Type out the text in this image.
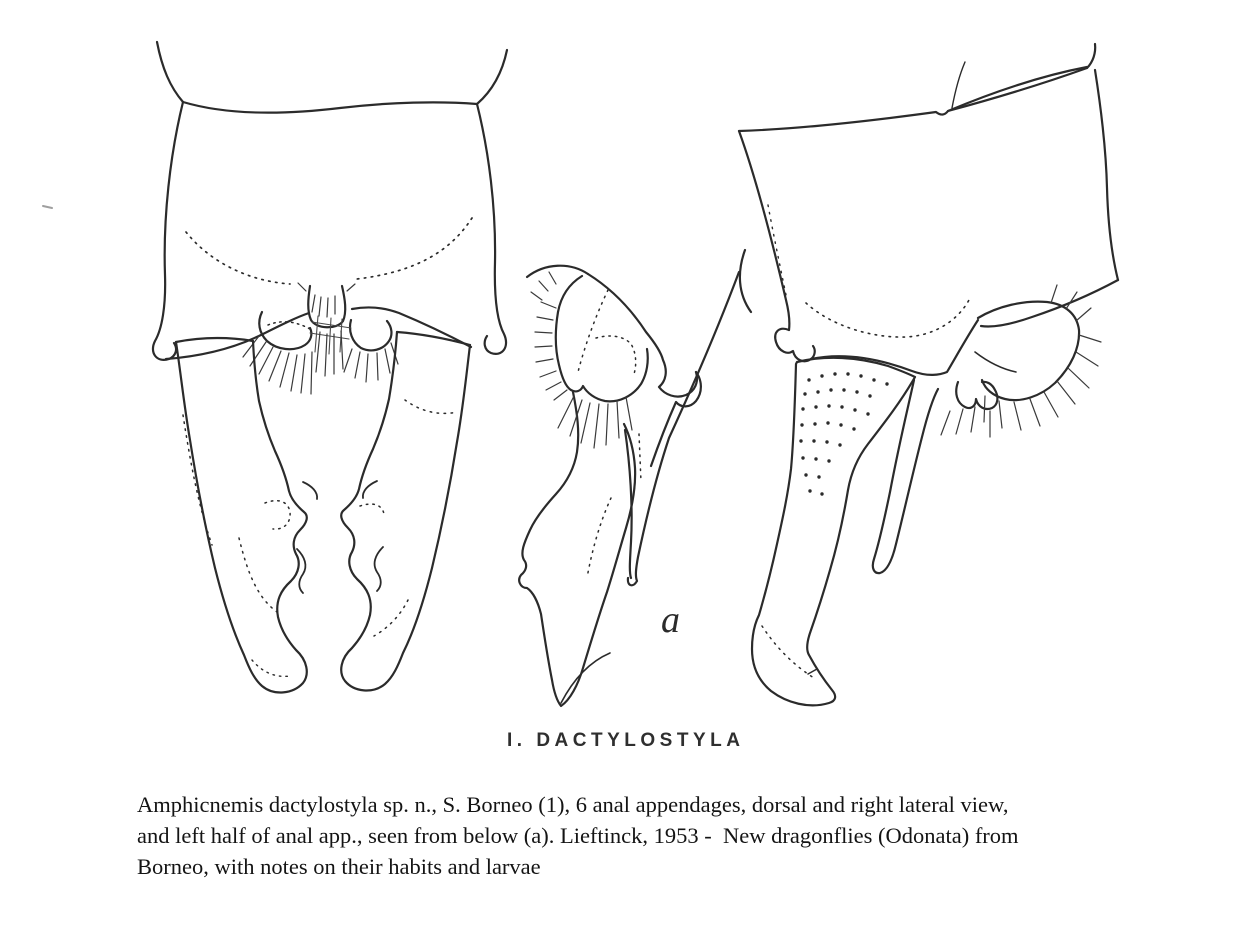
a
I. DACTYLOSTYLA
Amphicnemis dactylostyla sp. n., S. Borneo (1), 6 anal appendages, dorsal and right lateral view,
and left half of anal app., seen from below (a). Lieftinck, 1953 -  New dragonflies (Odonata) from
Borneo, with notes on their habits and larvae
